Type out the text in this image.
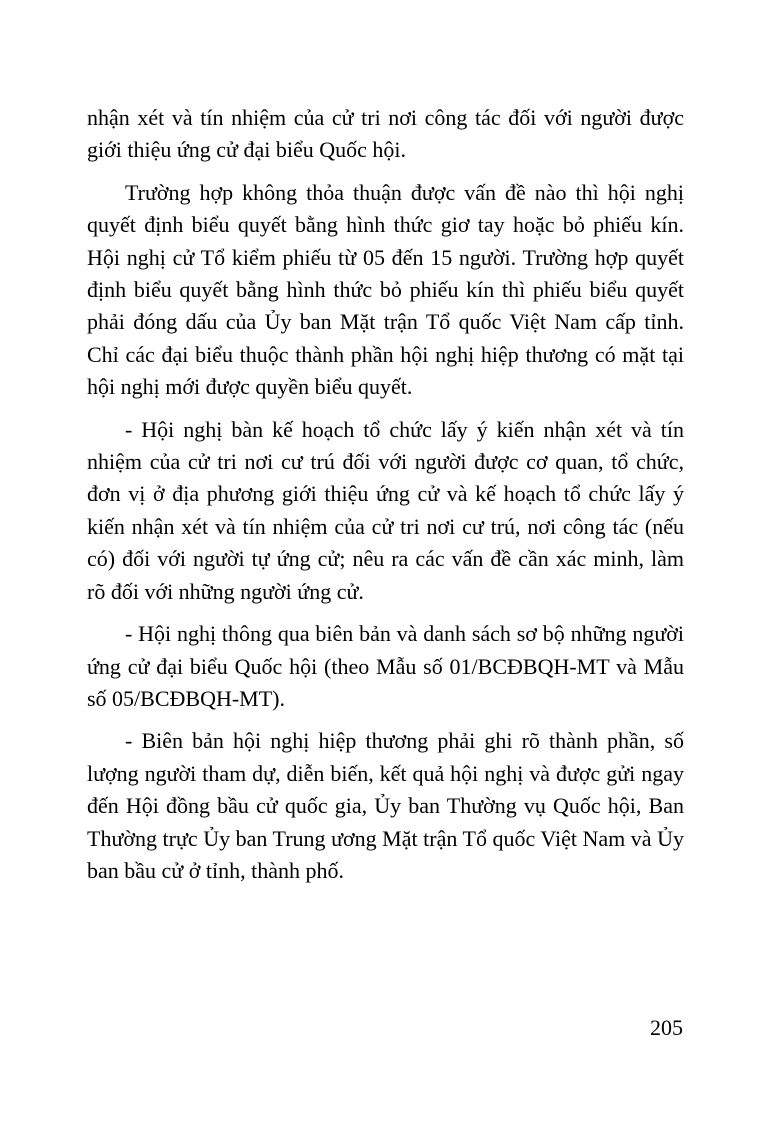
nhận xét và tín nhiệm của cử tri nơi công tác đối với người được giới thiệu ứng cử đại biểu Quốc hội.

Trường hợp không thỏa thuận được vấn đề nào thì hội nghị quyết định biểu quyết bằng hình thức giơ tay hoặc bỏ phiếu kín. Hội nghị cử Tổ kiểm phiếu từ 05 đến 15 người. Trường hợp quyết định biểu quyết bằng hình thức bỏ phiếu kín thì phiếu biểu quyết phải đóng dấu của Ủy ban Mặt trận Tổ quốc Việt Nam cấp tỉnh. Chỉ các đại biểu thuộc thành phần hội nghị hiệp thương có mặt tại hội nghị mới được quyền biểu quyết.

- Hội nghị bàn kế hoạch tổ chức lấy ý kiến nhận xét và tín nhiệm của cử tri nơi cư trú đối với người được cơ quan, tổ chức, đơn vị ở địa phương giới thiệu ứng cử và kế hoạch tổ chức lấy ý kiến nhận xét và tín nhiệm của cử tri nơi cư trú, nơi công tác (nếu có) đối với người tự ứng cử; nêu ra các vấn đề cần xác minh, làm rõ đối với những người ứng cử.

- Hội nghị thông qua biên bản và danh sách sơ bộ những người ứng cử đại biểu Quốc hội (theo Mẫu số 01/BCĐBQH-MT và Mẫu số 05/BCĐBQH-MT).

- Biên bản hội nghị hiệp thương phải ghi rõ thành phần, số lượng người tham dự, diễn biến, kết quả hội nghị và được gửi ngay đến Hội đồng bầu cử quốc gia, Ủy ban Thường vụ Quốc hội, Ban Thường trực Ủy ban Trung ương Mặt trận Tổ quốc Việt Nam và Ủy ban bầu cử ở tỉnh, thành phố.

205
